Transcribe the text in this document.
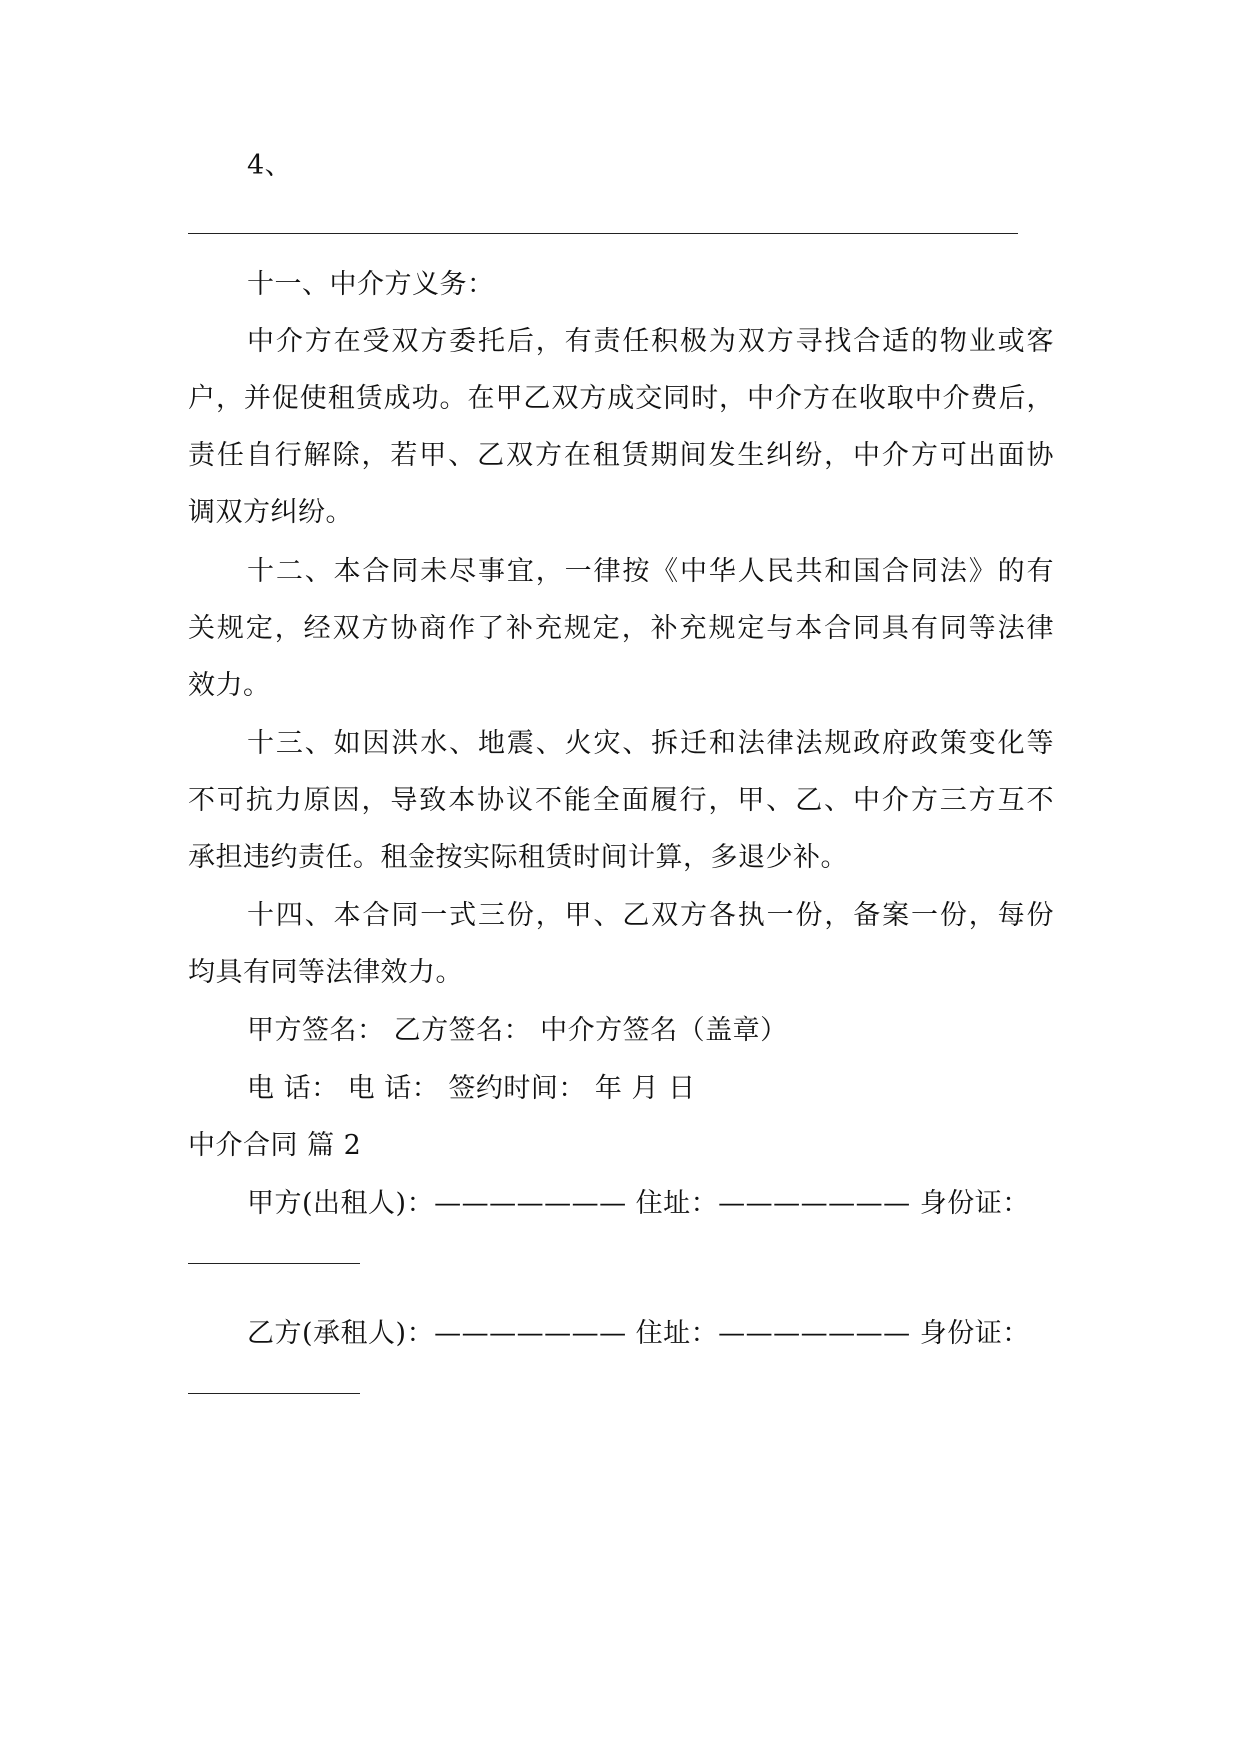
4、
十一、中介方义务：
中介方在受双方委托后，有责任积极为双方寻找合适的物业或客
户，并促使租赁成功。在甲乙双方成交同时，中介方在收取中介费后，
责任自行解除，若甲、乙双方在租赁期间发生纠纷，中介方可出面协
调双方纠纷。
十二、本合同未尽事宜，一律按《中华人民共和国合同法》的有
关规定，经双方协商作了补充规定，补充规定与本合同具有同等法律
效力。
十三、如因洪水、地震、火灾、拆迁和法律法规政府政策变化等
不可抗力原因，导致本协议不能全面履行，甲、乙、中介方三方互不
承担违约责任。租金按实际租赁时间计算，多退少补。
十四、本合同一式三份，甲、乙双方各执一份，备案一份，每份
均具有同等法律效力。
甲方签名： 乙方签名： 中介方签名（盖章）
电 话： 电 话： 签约时间： 年 月 日
中介合同 篇 2
甲方(出租人)：——————— 住址：——————— 身份证：
乙方(承租人)：——————— 住址：——————— 身份证：
